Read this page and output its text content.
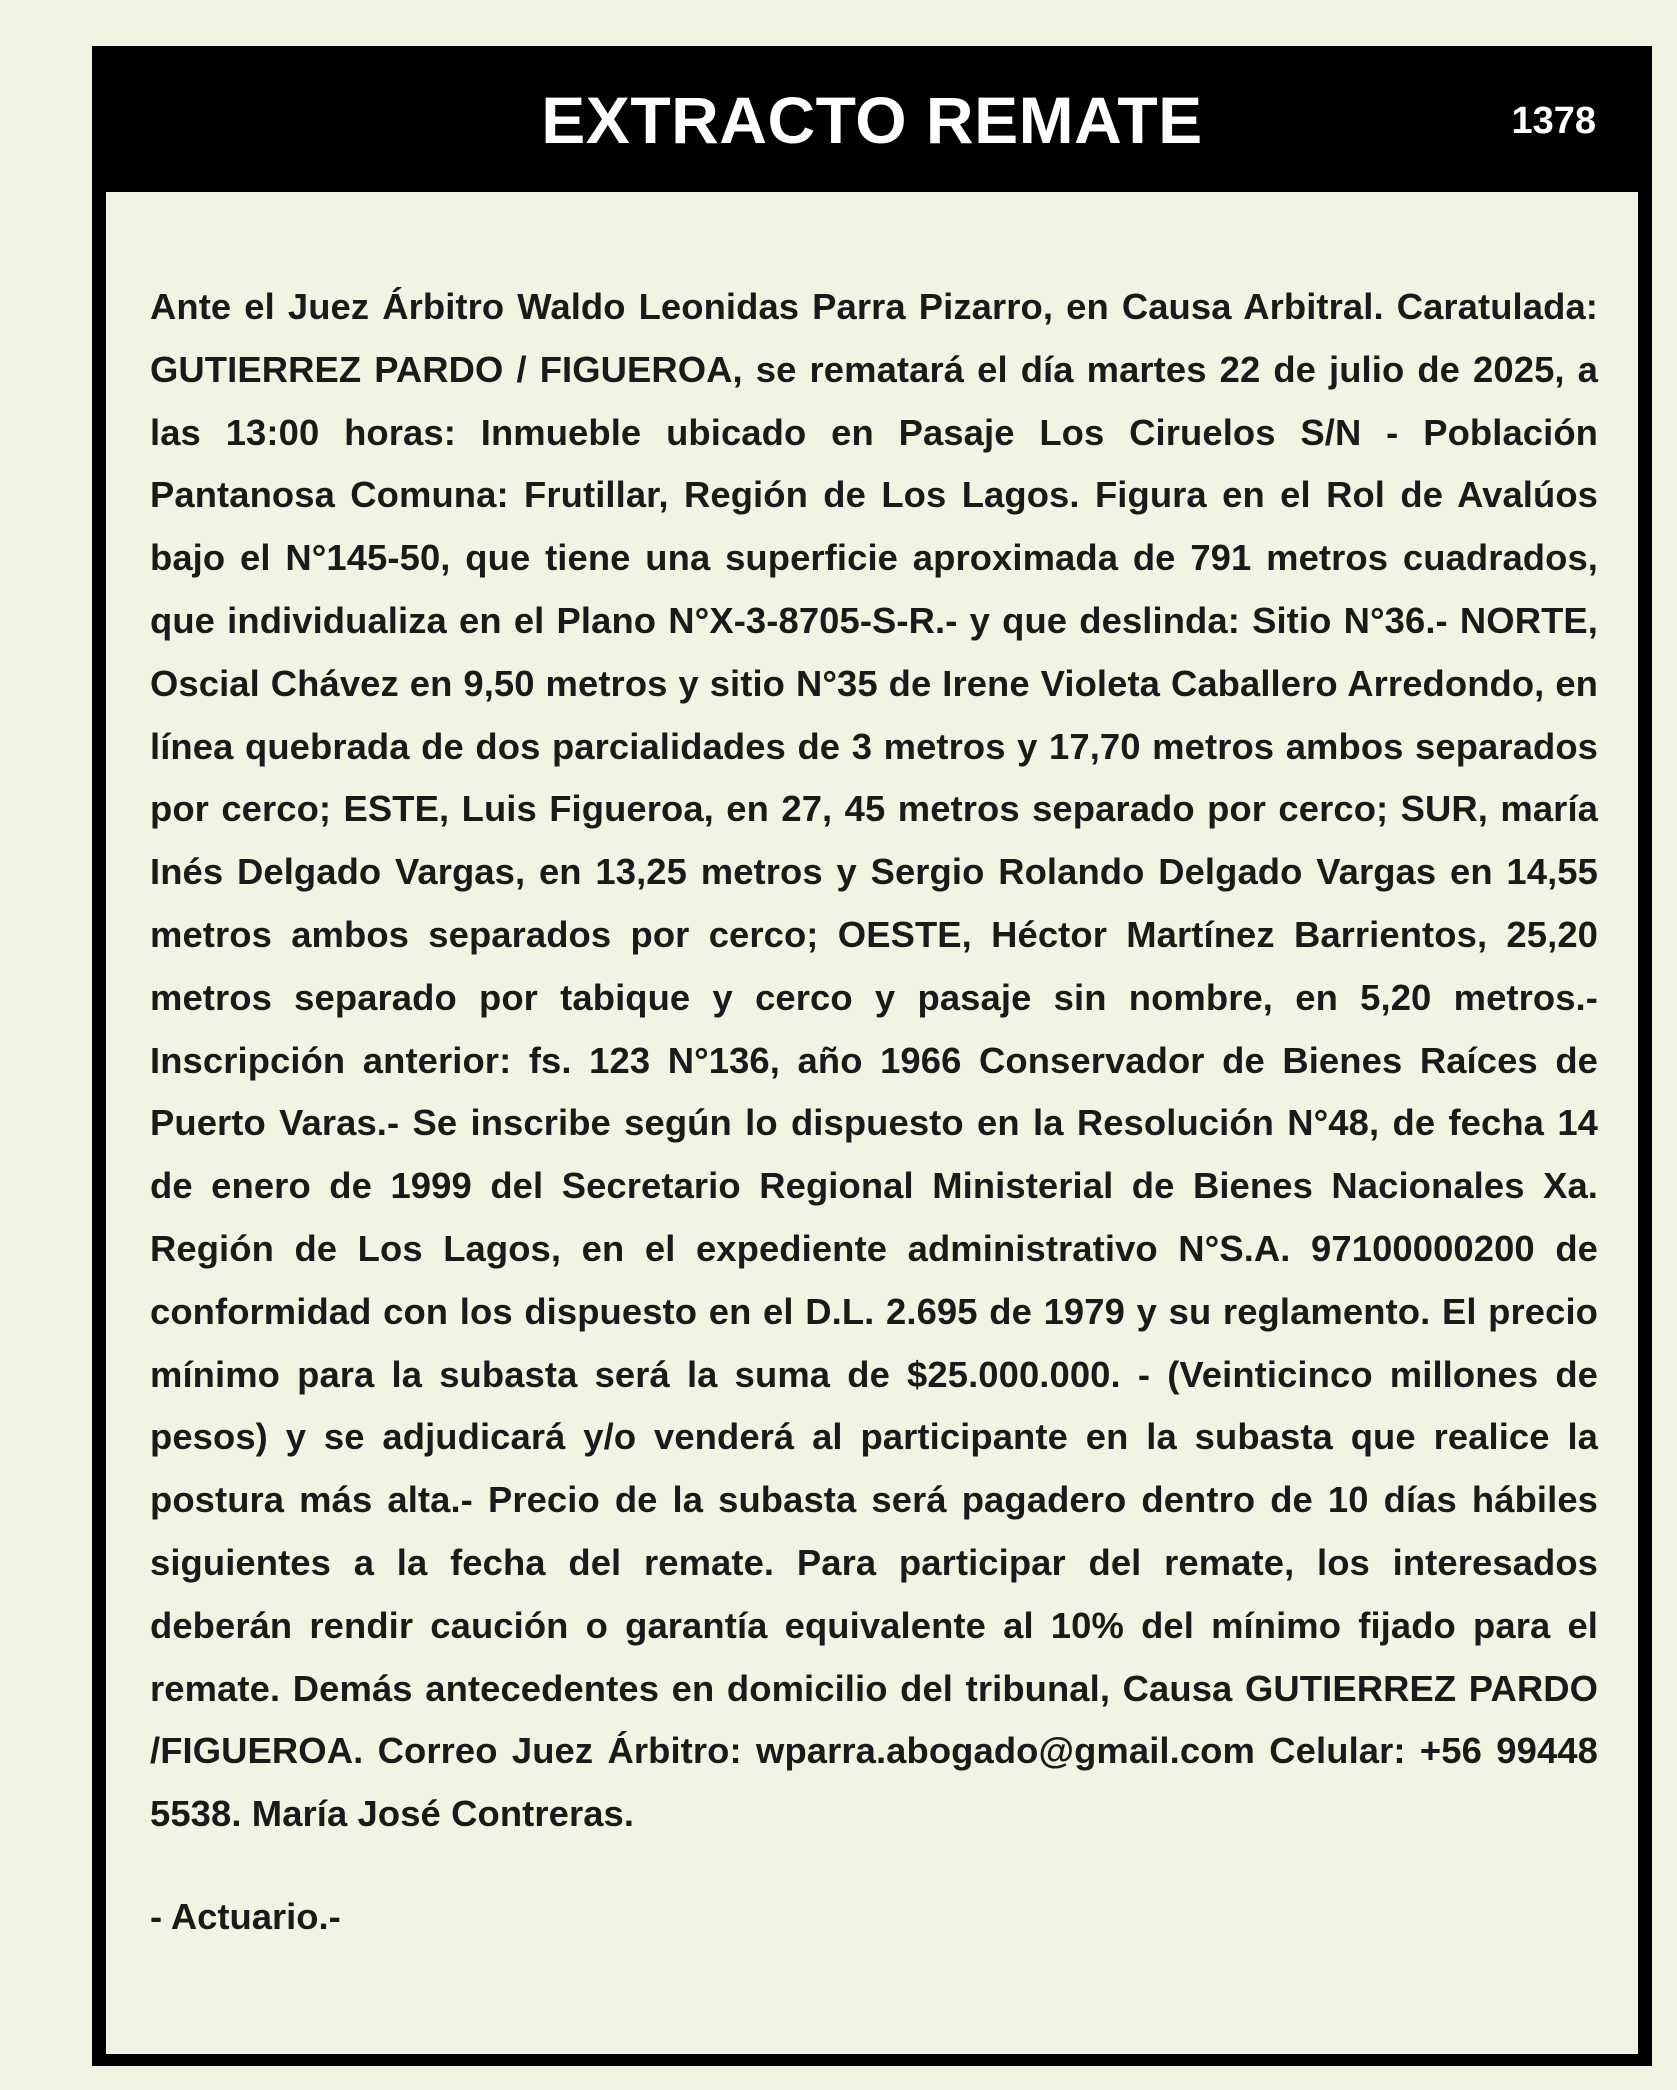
EXTRACTO REMATE	1378

Ante el Juez Árbitro Waldo Leonidas Parra Pizarro, en Causa Arbitral. Caratulada: GUTIERREZ PARDO / FIGUEROA, se rematará el día martes 22 de julio de 2025, a las 13:00 horas: Inmueble ubicado en Pasaje Los Ciruelos S/N - Población Pantanosa Comuna: Frutillar, Región de Los Lagos. Figura en el Rol de Avalúos bajo el N°145-50, que tiene una superficie aproximada de 791 metros cuadrados, que individualiza en el Plano N°X-3-8705-S-R.- y que deslinda: Sitio N°36.- NORTE, Oscial Chávez en 9,50 metros y sitio N°35 de Irene Violeta Caballero Arredondo, en línea quebrada de dos parcialidades de 3 metros y 17,70 metros ambos separados por cerco; ESTE, Luis Figueroa, en 27, 45 metros separado por cerco; SUR, maría Inés Delgado Vargas, en 13,25 metros y Sergio Rolando Delgado Vargas en 14,55 metros ambos separados por cerco; OESTE, Héctor Martínez Barrientos, 25,20 metros separado por tabique y cerco y pasaje sin nombre, en 5,20 metros.- Inscripción anterior: fs. 123 N°136, año 1966 Conservador de Bienes Raíces de Puerto Varas.- Se inscribe según lo dispuesto en la Resolución N°48, de fecha 14 de enero de 1999 del Secretario Regional Ministerial de Bienes Nacionales Xa. Región de Los Lagos, en el expediente administrativo N°S.A. 97100000200 de conformidad con los dispuesto en el D.L. 2.695 de 1979 y su reglamento. El precio mínimo para la subasta será la suma de $25.000.000. - (Veinticinco millones de pesos) y se adjudicará y/o venderá al participante en la subasta que realice la postura más alta.- Precio de la subasta será pagadero dentro de 10 días hábiles siguientes a la fecha del remate. Para participar del remate, los interesados deberán rendir caución o garantía equivalente al 10% del mínimo fijado para el remate. Demás antecedentes en domicilio del tribunal, Causa GUTIERREZ PARDO /FIGUEROA. Correo Juez Árbitro: wparra.abogado@gmail.com Celular: +56 99448 5538. María José Contreras.

- Actuario.-
